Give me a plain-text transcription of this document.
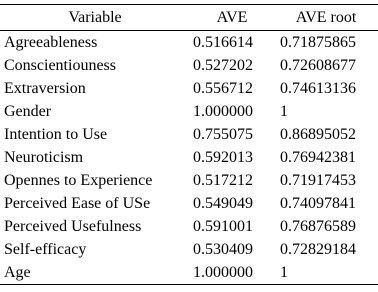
Variable	AVE	AVE root
Agreeableness	0.516614	0.71875865
Conscientiouness	0.527202	0.72608677
Extraversion	0.556712	0.74613136
Gender	1.000000	1
Intention to Use	0.755075	0.86895052
Neuroticism	0.592013	0.76942381
Opennes to Experience	0.517212	0.71917453
Perceived Ease of USe	0.549049	0.74097841
Perceived Usefulness	0.591001	0.76876589
Self-efficacy	0.530409	0.72829184
Age	1.000000	1
